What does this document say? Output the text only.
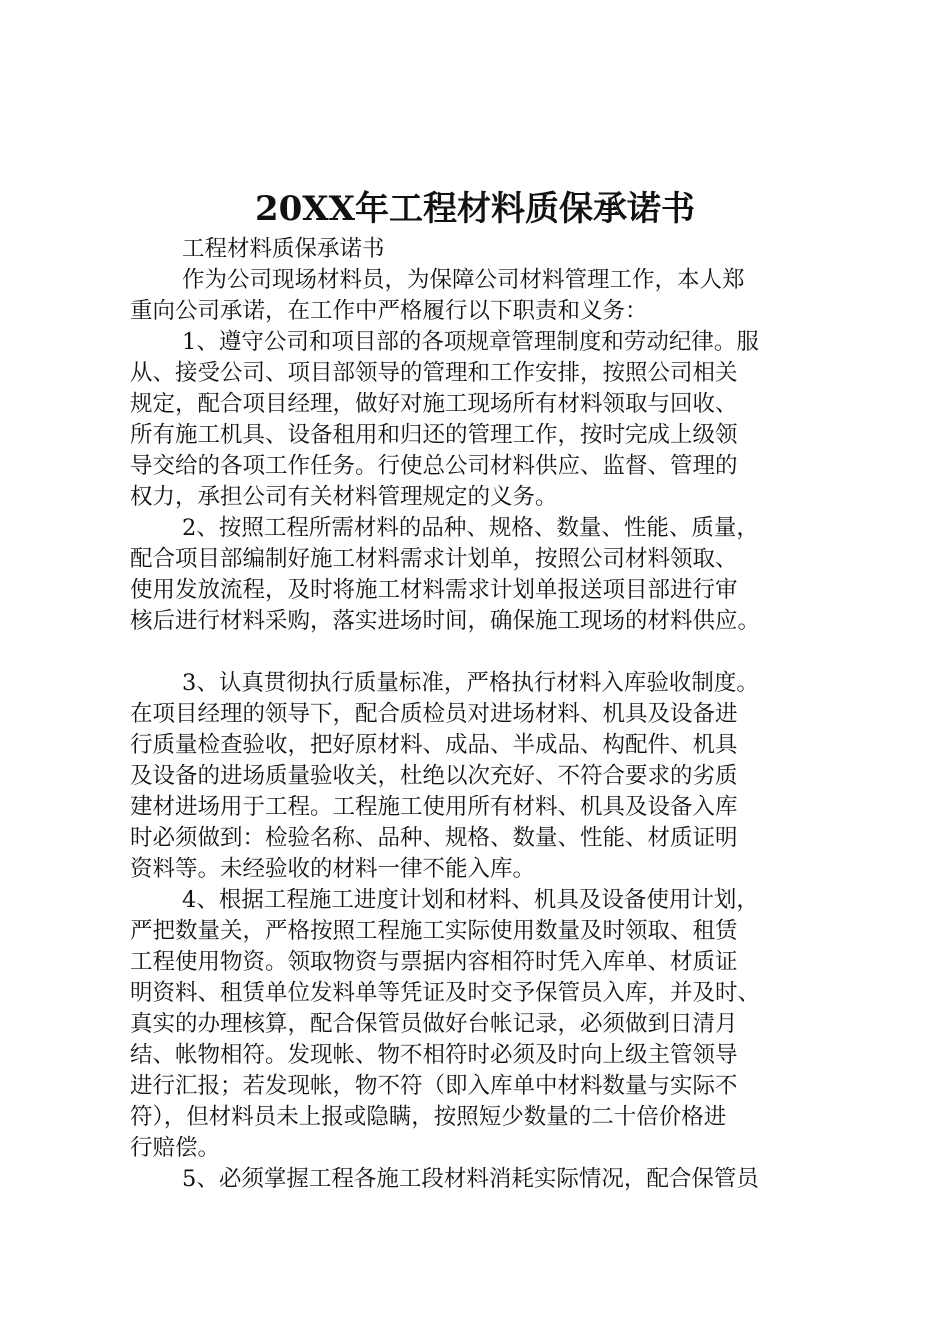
20XX年工程材料质保承诺书
工程材料质保承诺书
作为公司现场材料员，为保障公司材料管理工作，本人郑
重向公司承诺，在工作中严格履行以下职责和义务：
1、遵守公司和项目部的各项规章管理制度和劳动纪律。服
从、接受公司、项目部领导的管理和工作安排，按照公司相关
规定，配合项目经理，做好对施工现场所有材料领取与回收、
所有施工机具、设备租用和归还的管理工作，按时完成上级领
导交给的各项工作任务。行使总公司材料供应、监督、管理的
权力，承担公司有关材料管理规定的义务。
2、按照工程所需材料的品种、规格、数量、性能、质量，
配合项目部编制好施工材料需求计划单，按照公司材料领取、
使用发放流程，及时将施工材料需求计划单报送项目部进行审
核后进行材料采购，落实进场时间，确保施工现场的材料供应。
3、认真贯彻执行质量标准，严格执行材料入库验收制度。
在项目经理的领导下，配合质检员对进场材料、机具及设备进
行质量检查验收，把好原材料、成品、半成品、构配件、机具
及设备的进场质量验收关，杜绝以次充好、不符合要求的劣质
建材进场用于工程。工程施工使用所有材料、机具及设备入库
时必须做到：检验名称、品种、规格、数量、性能、材质证明
资料等。未经验收的材料一律不能入库。
4、根据工程施工进度计划和材料、机具及设备使用计划，
严把数量关，严格按照工程施工实际使用数量及时领取、租赁
工程使用物资。领取物资与票据内容相符时凭入库单、材质证
明资料、租赁单位发料单等凭证及时交予保管员入库，并及时、
真实的办理核算，配合保管员做好台帐记录，必须做到日清月
结、帐物相符。发现帐、物不相符时必须及时向上级主管领导
进行汇报；若发现帐，物不符（即入库单中材料数量与实际不
符），但材料员未上报或隐瞒，按照短少数量的二十倍价格进
行赔偿。
5、必须掌握工程各施工段材料消耗实际情况，配合保管员
